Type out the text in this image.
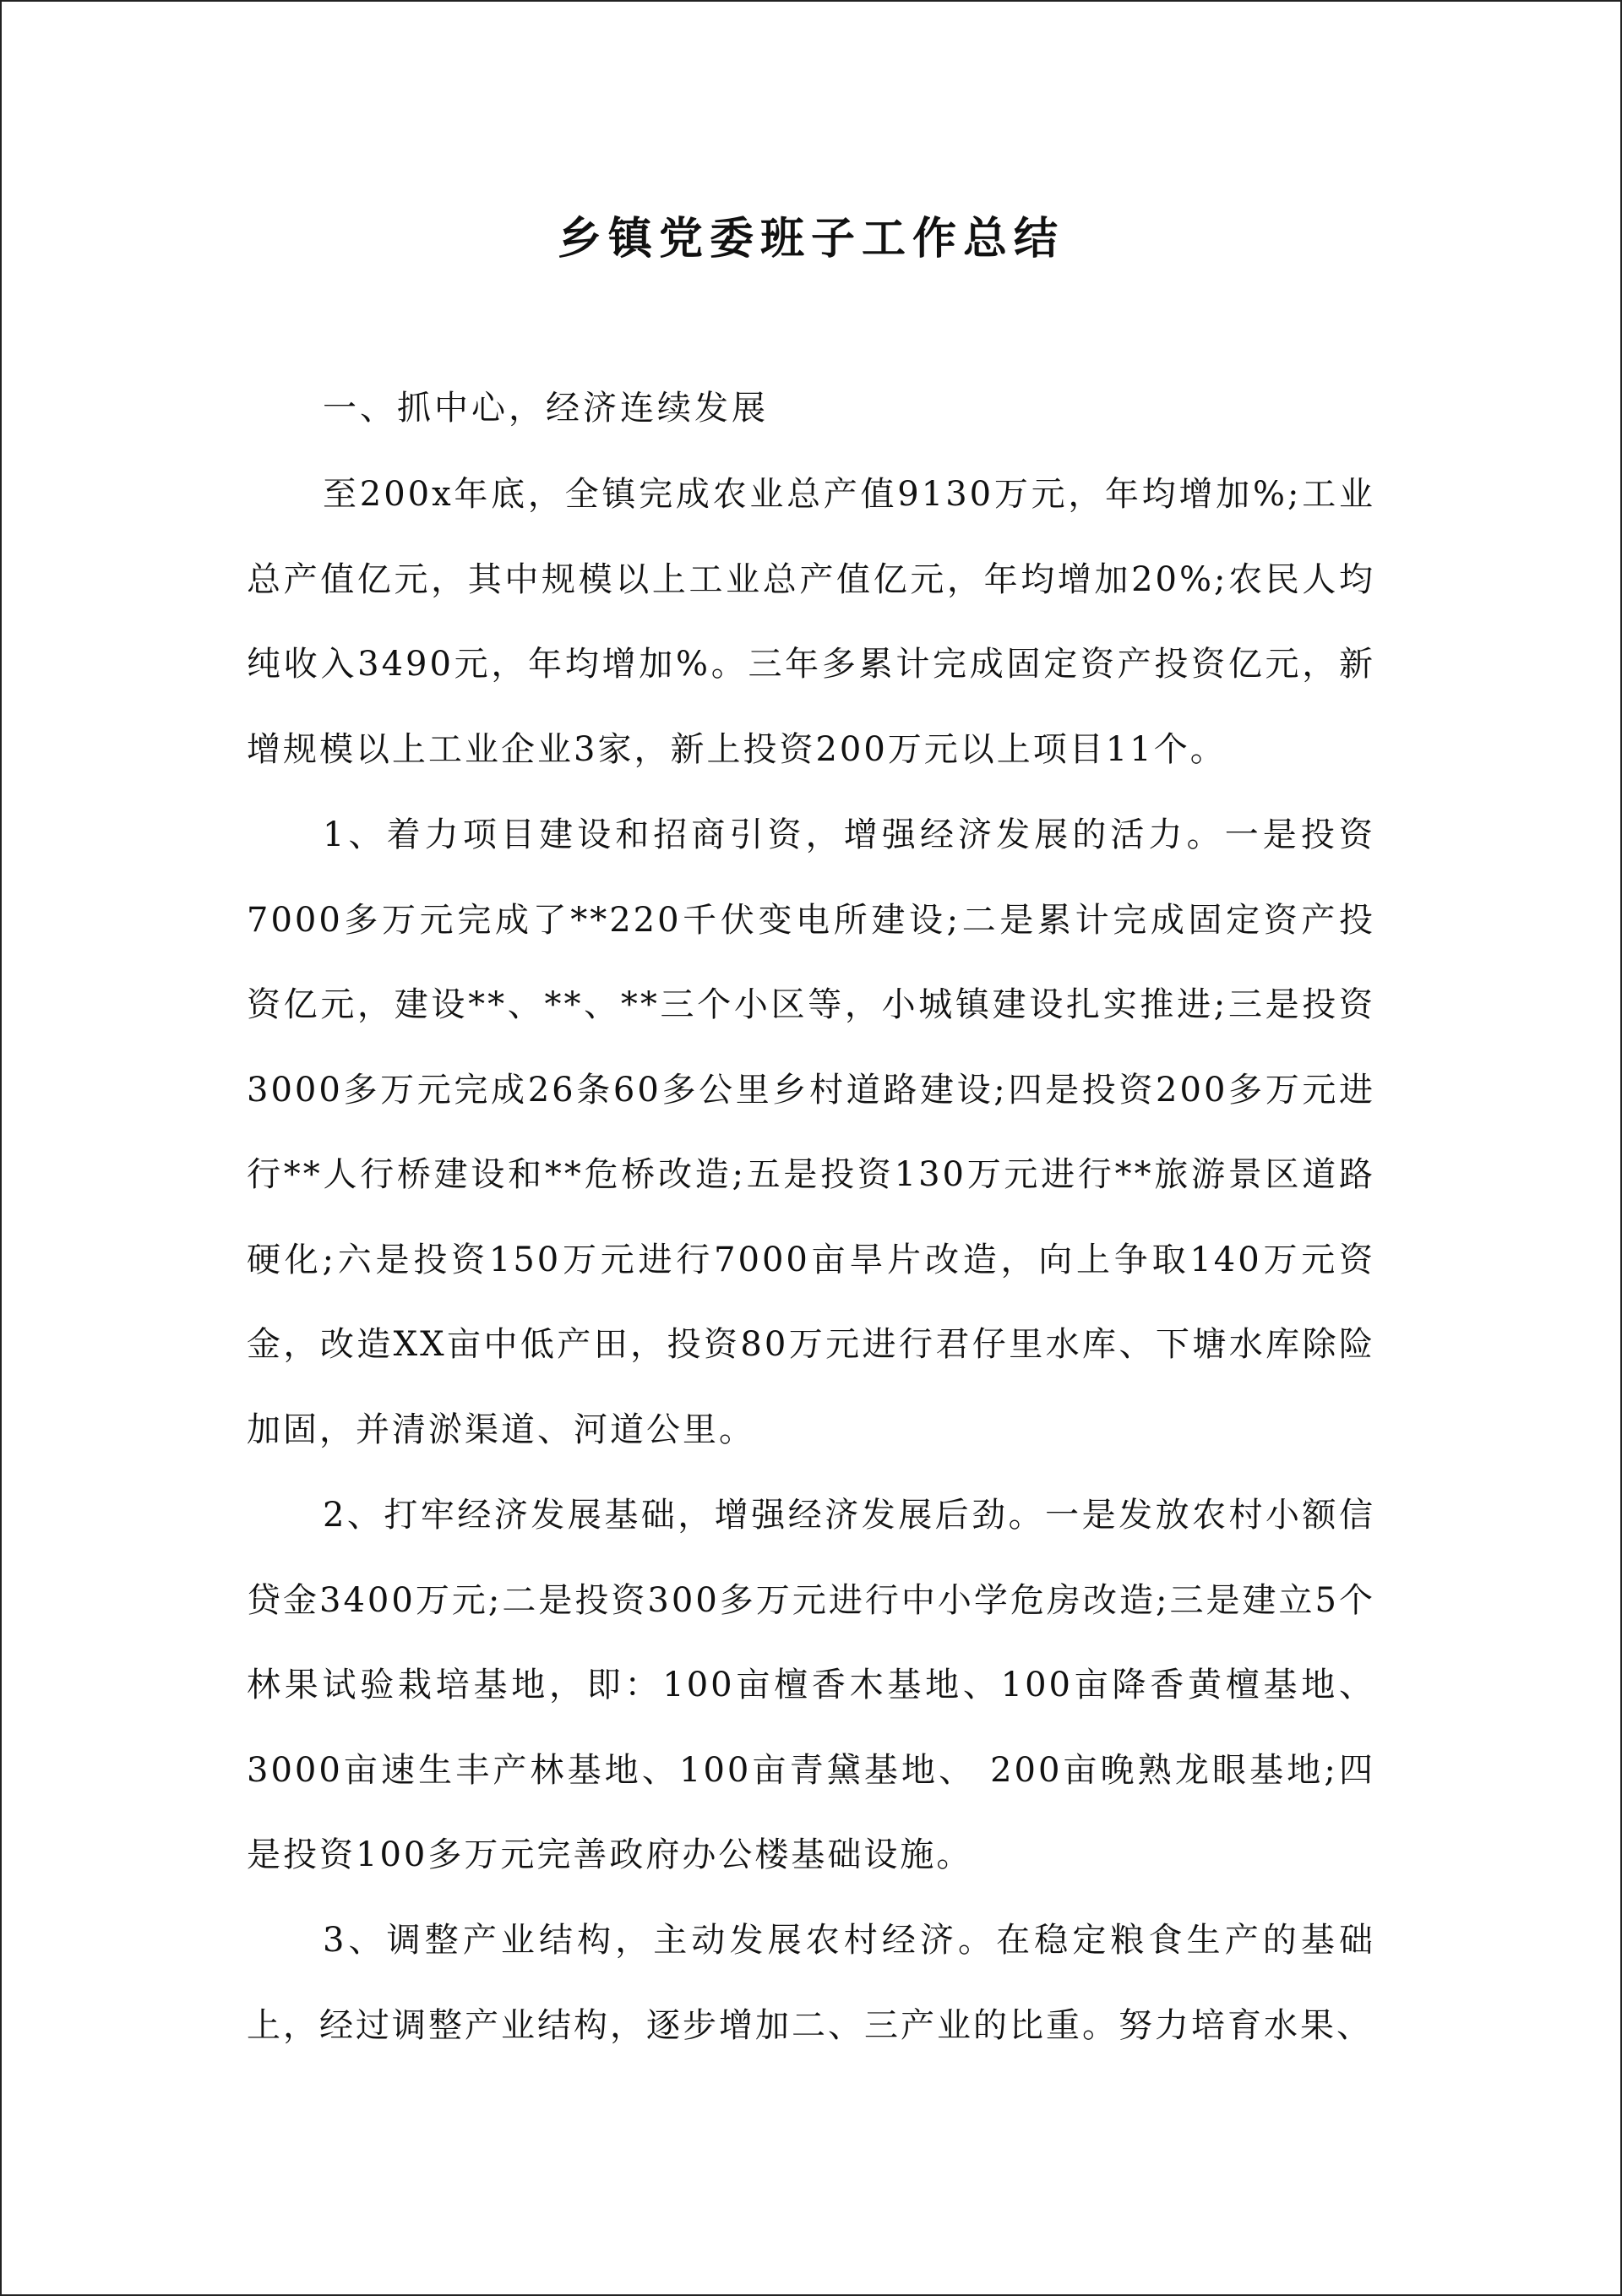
乡镇党委班子工作总结

一、抓中心，经济连续发展

至200x年底，全镇完成农业总产值9130万元，年均增加%;工业总产值亿元，其中规模以上工业总产值亿元，年均增加20%;农民人均纯收入3490元，年均增加%。三年多累计完成固定资产投资亿元，新增规模以上工业企业3家，新上投资200万元以上项目11个。

1、着力项目建设和招商引资，增强经济发展的活力。一是投资7000多万元完成了**220千伏变电所建设;二是累计完成固定资产投资亿元，建设**、**、**三个小区等，小城镇建设扎实推进;三是投资3000多万元完成26条60多公里乡村道路建设;四是投资200多万元进行**人行桥建设和**危桥改造;五是投资130万元进行**旅游景区道路硬化;六是投资150万元进行7000亩旱片改造，向上争取140万元资金，改造XX亩中低产田，投资80万元进行君仔里水库、下塘水库除险加固，并清淤渠道、河道公里。

2、打牢经济发展基础，增强经济发展后劲。一是发放农村小额信贷金3400万元;二是投资300多万元进行中小学危房改造;三是建立5个林果试验栽培基地，即：100亩檀香木基地、100亩降香黄檀基地、3000亩速生丰产林基地、100亩青黛基地、 200亩晚熟龙眼基地;四是投资100多万元完善政府办公楼基础设施。

3、调整产业结构，主动发展农村经济。在稳定粮食生产的基础上，经过调整产业结构，逐步增加二、三产业的比重。努力培育水果、
